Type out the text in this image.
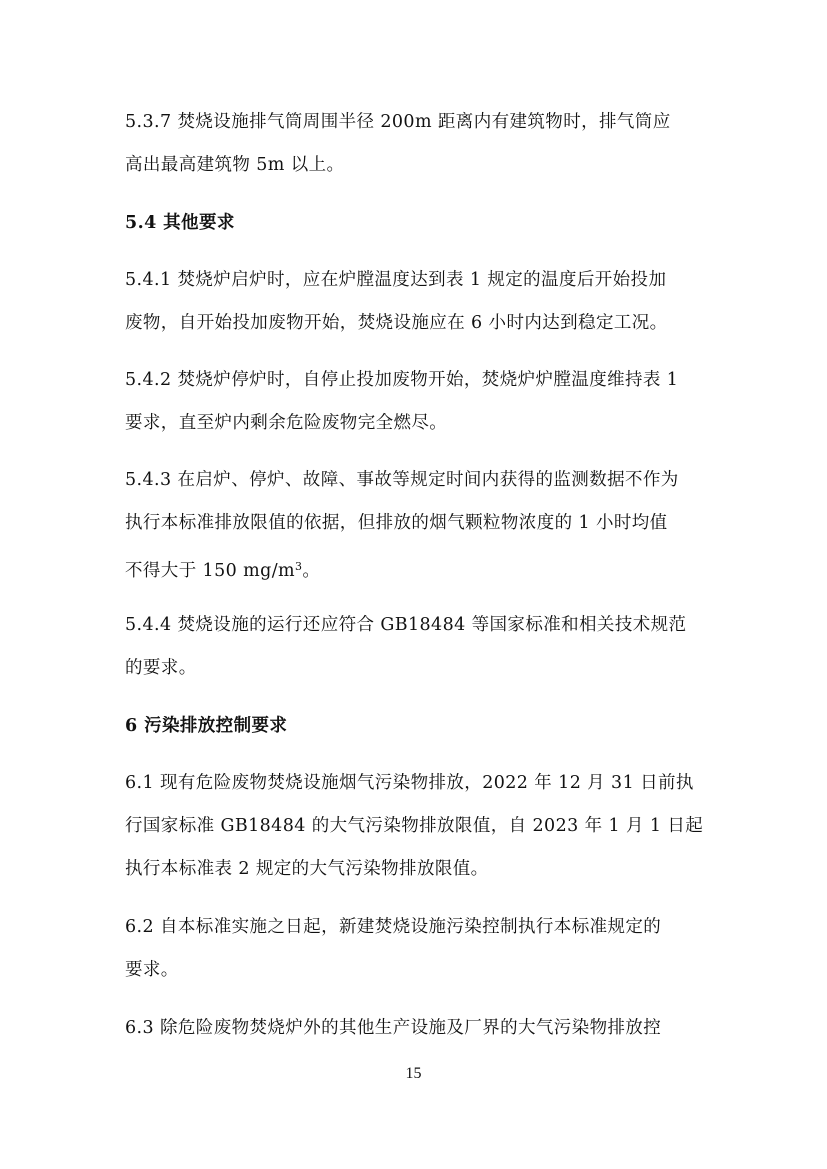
5.3.7 焚烧设施排气筒周围半径 200m 距离内有建筑物时，排气筒应
高出最高建筑物 5m 以上。
5.4 其他要求
5.4.1 焚烧炉启炉时，应在炉膛温度达到表 1 规定的温度后开始投加
废物，自开始投加废物开始，焚烧设施应在 6 小时内达到稳定工况。
5.4.2 焚烧炉停炉时，自停止投加废物开始，焚烧炉炉膛温度维持表 1
要求，直至炉内剩余危险废物完全燃尽。
5.4.3 在启炉、停炉、故障、事故等规定时间内获得的监测数据不作为
执行本标准排放限值的依据，但排放的烟气颗粒物浓度的 1 小时均值
不得大于 150 $mg/m^3$。
5.4.4 焚烧设施的运行还应符合 GB18484 等国家标准和相关技术规范
的要求。
6 污染排放控制要求
6.1 现有危险废物焚烧设施烟气污染物排放，2022 年 12 月 31 日前执
行国家标准 GB18484 的大气污染物排放限值，自 2023 年 1 月 1 日起
执行本标准表 2 规定的大气污染物排放限值。
6.2 自本标准实施之日起，新建焚烧设施污染控制执行本标准规定的
要求。
6.3 除危险废物焚烧炉外的其他生产设施及厂界的大气污染物排放控
15
